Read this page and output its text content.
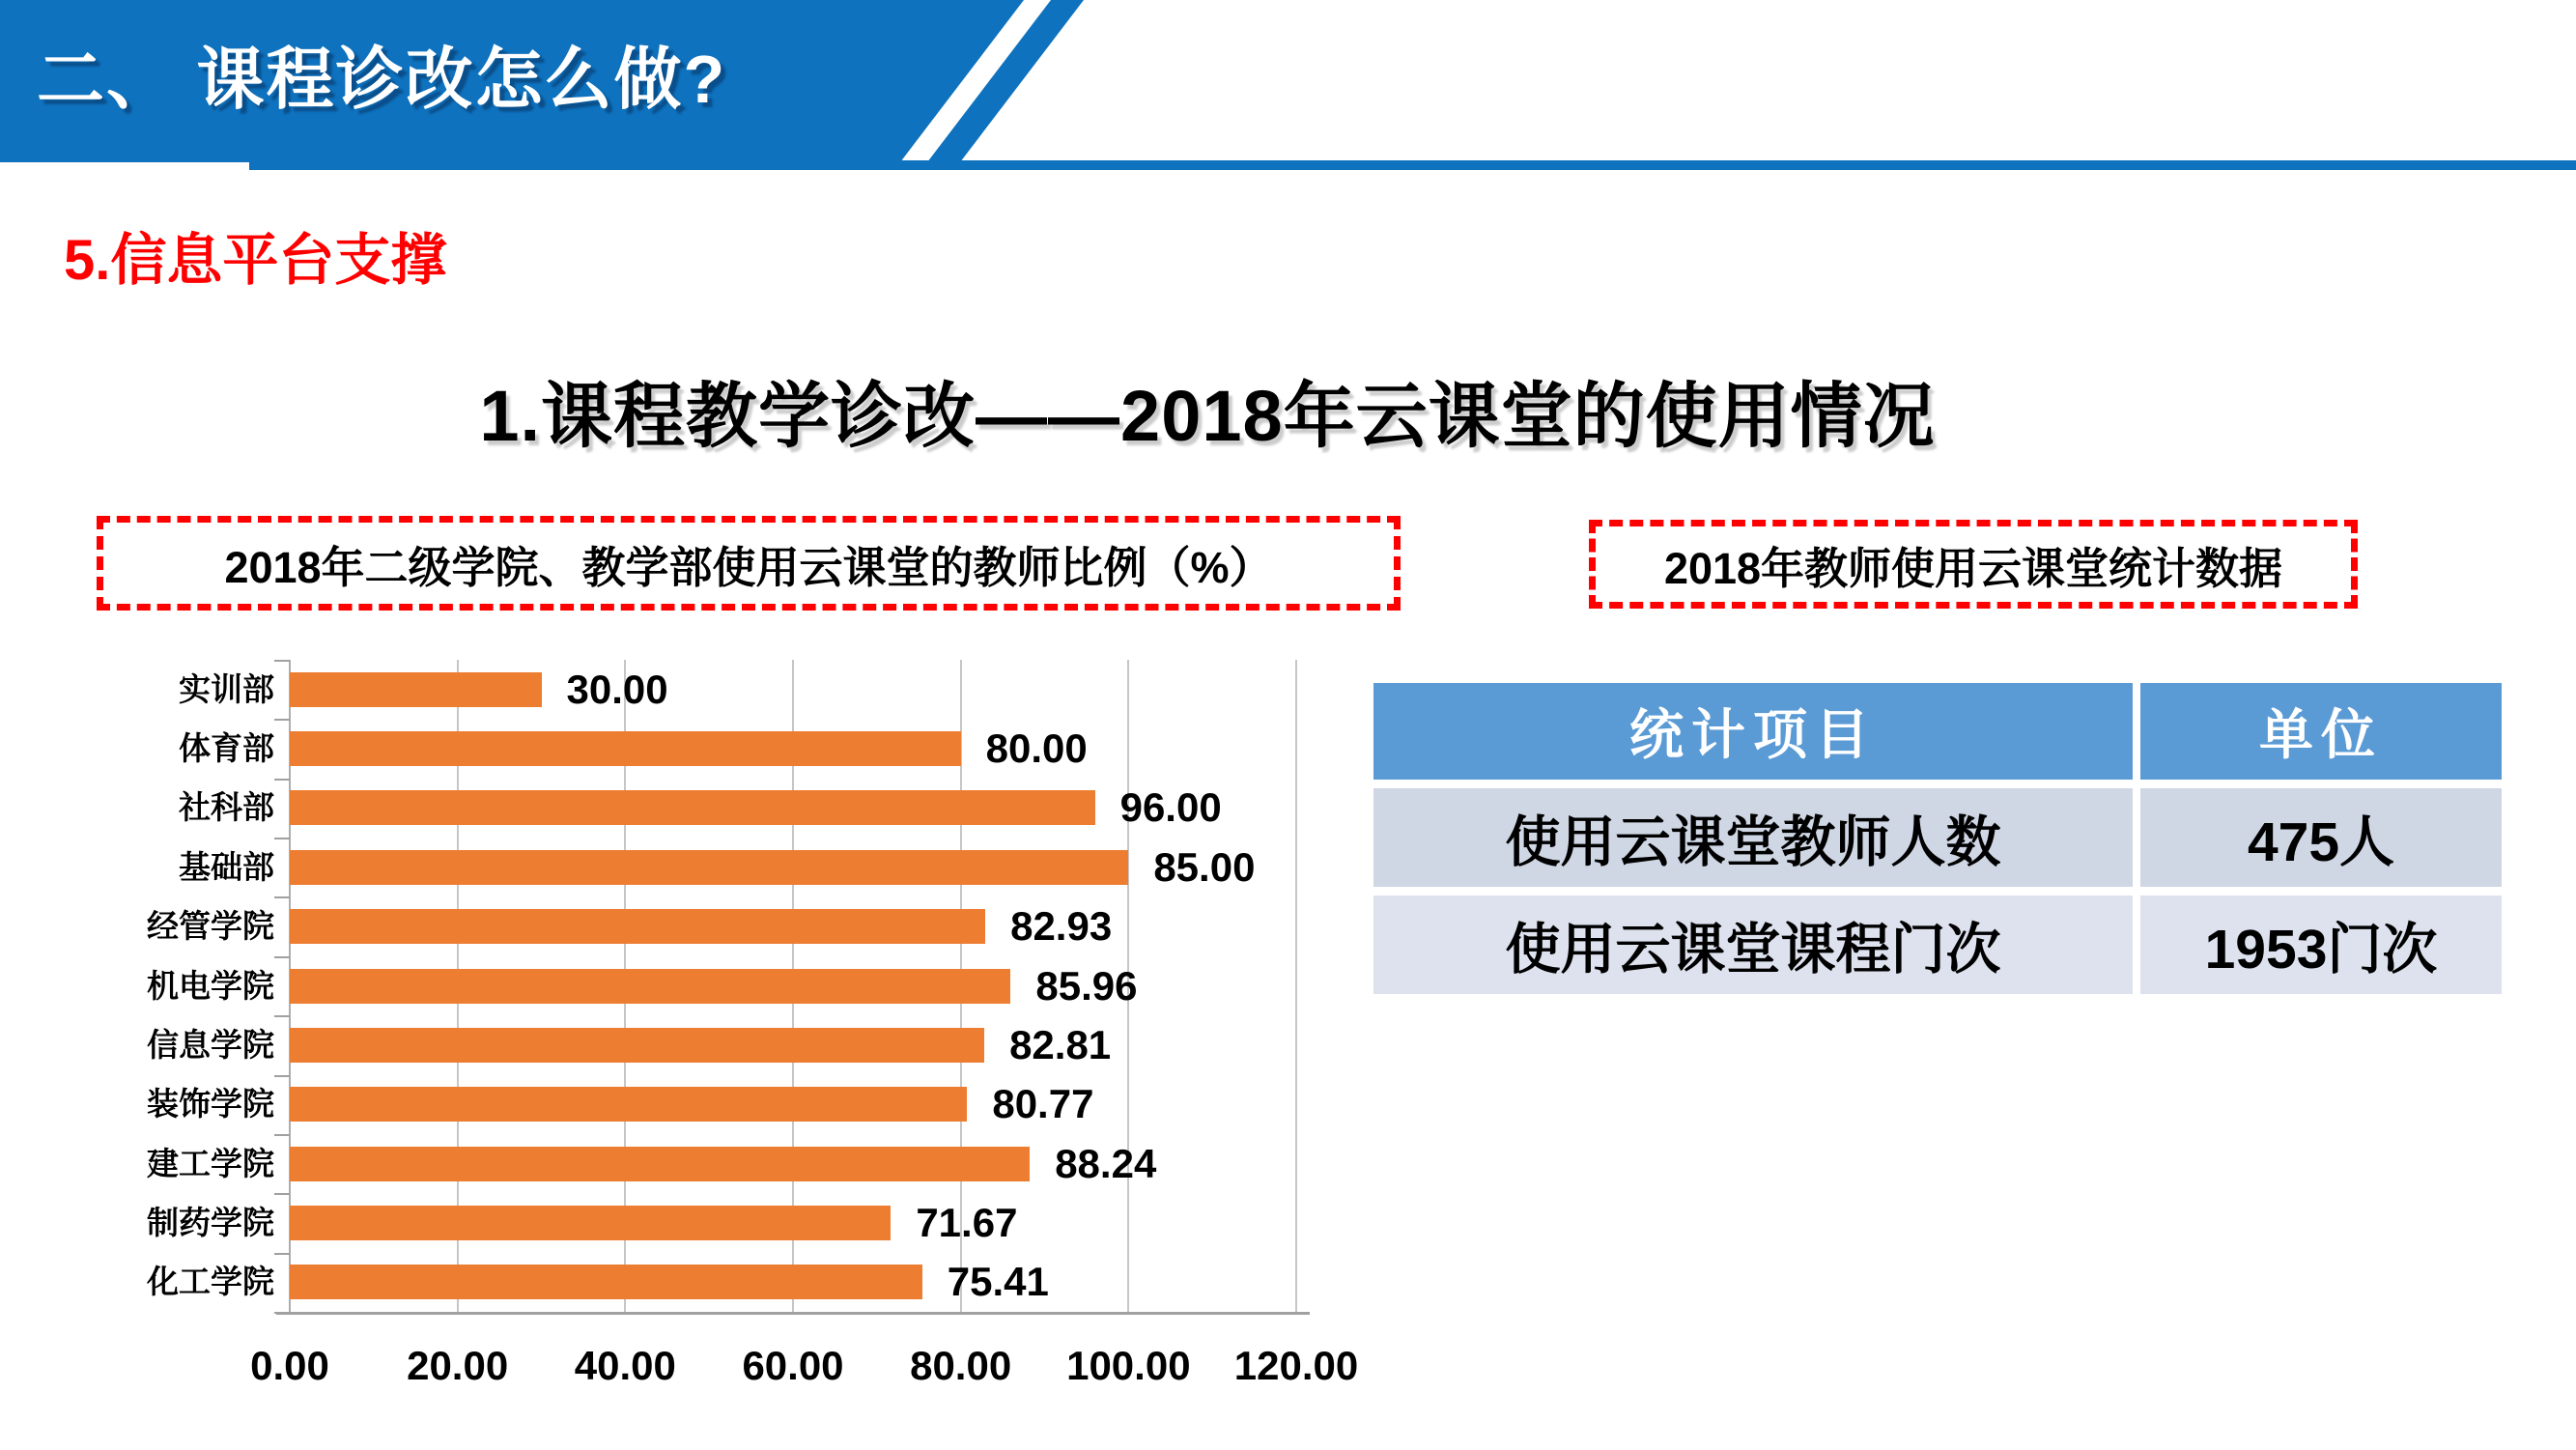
二、 课程诊改怎么做?
5.信息平台支撑
1.课程教学诊改——2018年云课堂的使用情况
2018年二级学院、教学部使用云课堂的教师比例（%）	2018年教师使用云课堂统计数据
0.00	20.00	40.00	60.00	80.00	100.00	120.00
实训部	30.00
体育部	80.00
社科部	96.00
基础部	85.00
经管学院	82.93
机电学院	85.96
信息学院	82.81
装饰学院	80.77
建工学院	88.24
制药学院	71.67
化工学院	75.41
统计项目	单位
使用云课堂教师人数	475人
使用云课堂课程门次	1953门次
